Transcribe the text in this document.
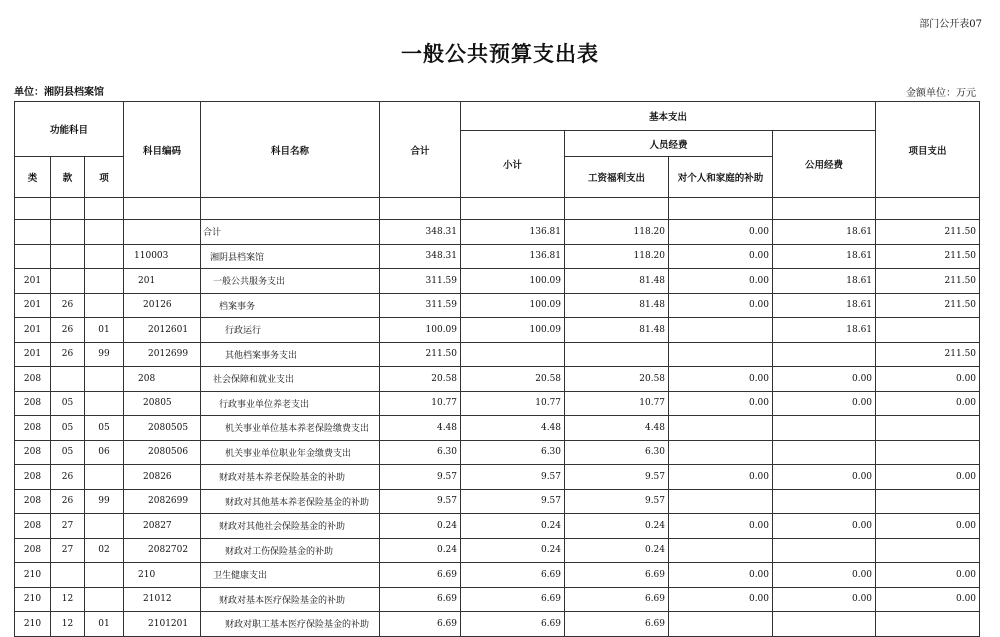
部门公开表07
一般公共预算支出表
单位：湘阴县档案馆	金额单位：万元
功能科目			科目编码	科目名称	合计	基本支出				项目支出
						小计	人员经费		公用经费	
类	款	项					工资福利支出	对个人和家庭的补助		

				合计	348.31	136.81	118.20	0.00	18.61	211.50
			110003	湘阴县档案馆	348.31	136.81	118.20	0.00	18.61	211.50
201			201	一般公共服务支出	311.59	100.09	81.48	0.00	18.61	211.50
201	26		20126	档案事务	311.59	100.09	81.48	0.00	18.61	211.50
201	26	01	2012601	行政运行	100.09	100.09	81.48		18.61	
201	26	99	2012699	其他档案事务支出	211.50					211.50
208			208	社会保障和就业支出	20.58	20.58	20.58	0.00	0.00	0.00
208	05		20805	行政事业单位养老支出	10.77	10.77	10.77	0.00	0.00	0.00
208	05	05	2080505	机关事业单位基本养老保险缴费支出	4.48	4.48	4.48			
208	05	06	2080506	机关事业单位职业年金缴费支出	6.30	6.30	6.30			
208	26		20826	财政对基本养老保险基金的补助	9.57	9.57	9.57	0.00	0.00	0.00
208	26	99	2082699	财政对其他基本养老保险基金的补助	9.57	9.57	9.57			
208	27		20827	财政对其他社会保险基金的补助	0.24	0.24	0.24	0.00	0.00	0.00
208	27	02	2082702	财政对工伤保险基金的补助	0.24	0.24	0.24			
210			210	卫生健康支出	6.69	6.69	6.69	0.00	0.00	0.00
210	12		21012	财政对基本医疗保险基金的补助	6.69	6.69	6.69	0.00	0.00	0.00
210	12	01	2101201	财政对职工基本医疗保险基金的补助	6.69	6.69	6.69			
